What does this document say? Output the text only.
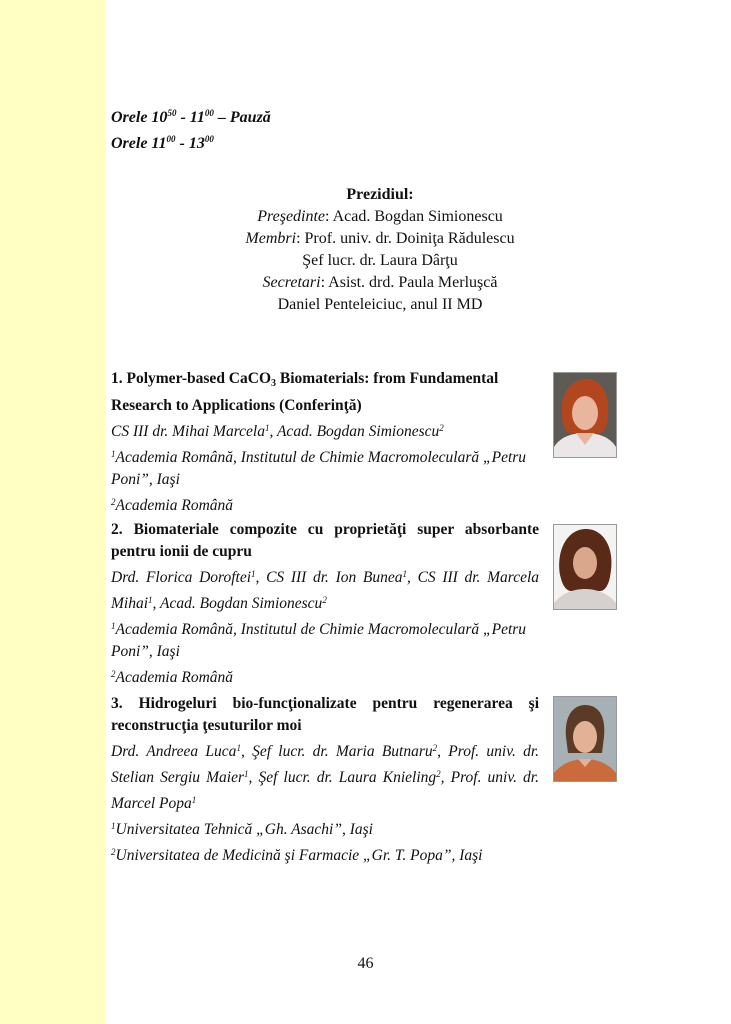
Orele $10^{50} - 11^{00}$ – Pauză
Orele $11^{00} - 13^{00}$
Prezidiul:
Preşedinte: Acad. Bogdan Simionescu
Membri: Prof. univ. dr. Doiniţa Rădulescu
Şef lucr. dr. Laura Dârţu
Secretari: Asist. drd. Paula Merluşcă
Daniel Penteleiciuc, anul II MD
1. Polymer-based CaCO$_3$ Biomaterials: from Fundamental Research to Applications (Conferinţă)
CS III dr. Mihai Marcela$^1$, Acad. Bogdan Simionescu$^2$
$^1$Academia Română, Institutul de Chimie Macromoleculară „Petru Poni”, Iaşi
$^2$Academia Română
2. Biomateriale compozite cu proprietăţi super absorbante pentru ionii de cupru
Drd. Florica Doroftei$^1$, CS III dr. Ion Bunea$^1$, CS III dr. Marcela Mihai$^1$, Acad. Bogdan Simionescu$^2$
$^1$Academia Română, Institutul de Chimie Macromoleculară „Petru Poni”, Iaşi
$^2$Academia Română
3. Hidrogeluri bio-funcţionalizate pentru regenerarea şi reconstrucţia ţesuturilor moi
Drd. Andreea Luca$^1$, Şef lucr. dr. Maria Butnaru$^2$, Prof. univ. dr. Stelian Sergiu Maier$^1$, Şef lucr. dr. Laura Knieling$^2$, Prof. univ. dr. Marcel Popa$^1$
$^1$Universitatea Tehnică „Gh. Asachi”, Iaşi
$^2$Universitatea de Medicină şi Farmacie „Gr. T. Popa”, Iaşi
46
